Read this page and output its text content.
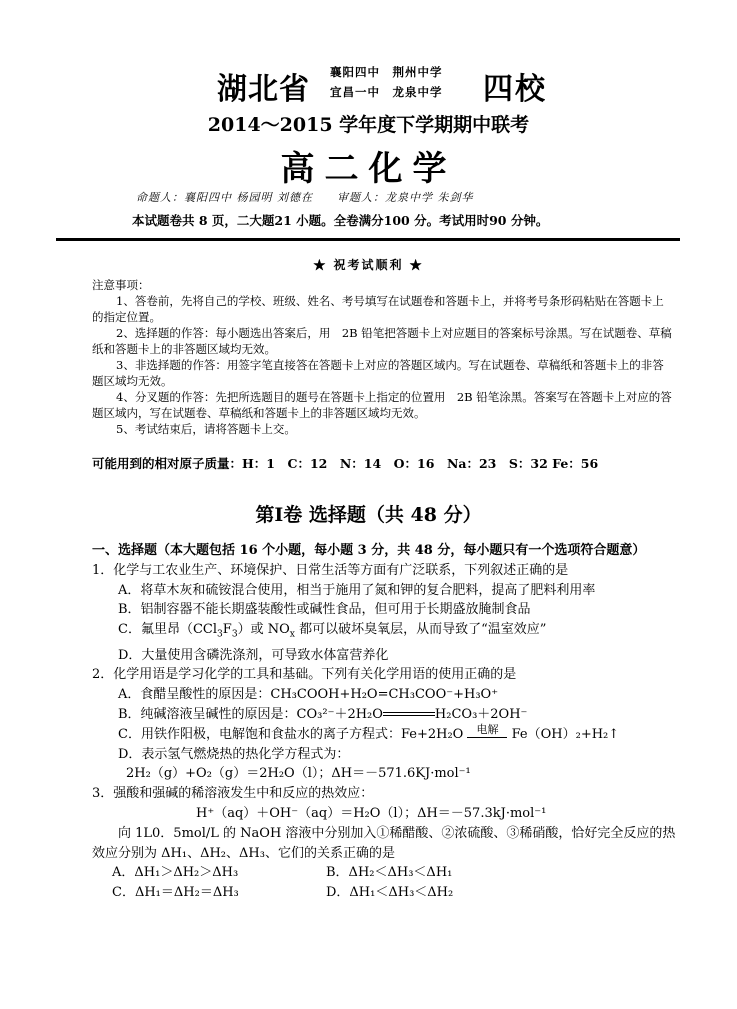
湖北省 襄阳四中　荆州中学
宜昌一中　龙泉中学 四校
2014～2015 学年度下学期期中联考
高二化学
命题人：襄阳四中 杨园明 刘德在　　审题人：龙泉中学 朱剑华
本试题卷共 8 页，二大题21 小题。全卷满分100 分。考试用时90 分钟。
★ 祝考试顺利 ★

注意事项：

1、答卷前，先将自己的学校、班级、姓名、考号填写在试题卷和答题卡上，并将考号条形码粘贴在答题卡上的指定位置。

2、选择题的作答：每小题选出答案后，用　2B 铅笔把答题卡上对应题目的答案标号涂黑。写在试题卷、草稿纸和答题卡上的非答题区域均无效。

3、非选择题的作答：用签字笔直接答在答题卡上对应的答题区域内。写在试题卷、草稿纸和答题卡上的非答题区域均无效。

4、分叉题的作答：先把所选题目的题号在答题卡上指定的位置用　2B 铅笔涂黑。答案写在答题卡上对应的答题区域内，写在试题卷、草稿纸和答题卡上的非答题区域均无效。

5、考试结束后，请将答题卡上交。

可能用到的相对原子质量：H：1　C：12　N：14　O：16　Na：23　S：32 Fe：56
第Ⅰ卷 选择题（共 48 分）

一、选择题（本大题包括 16 个小题，每小题 3 分，共 48 分，每小题只有一个选项符合题意）

1．化学与工农业生产、环境保护、日常生活等方面有广泛联系，下列叙述正确的是

A．将草木灰和硫铵混合使用，相当于施用了氮和钾的复合肥料，提高了肥料利用率

B．铝制容器不能长期盛装酸性或碱性食品，但可用于长期盛放腌制食品

C．氟里昂$(CCl_3F_3)$或 $NO_x$ 都可以破坏臭氧层，从而导致了“温室效应”

D．大量使用含磷洗涤剂，可导致水体富营养化

2．化学用语是学习化学的工具和基础。下列有关化学用语的使用正确的是

A．食醋呈酸性的原因是：CH₃COOH+H₂O=CH₃COO⁻+H₃O⁺

B．纯碱溶液呈碱性的原因是：CO₃²⁻＋2H₂O	H₂CO₃＋2OH⁻

C．用铁作阳极，电解饱和食盐水的离子方程式：Fe+2H₂O	电解	Fe（OH）₂+H₂↑

D．表示氢气燃烧热的热化学方程式为：

2H₂（g）+O₂（g）＝2H₂O（l）；ΔH＝－571.6KJ·mol⁻¹

3．强酸和强碱的稀溶液发生中和反应的热效应：

H⁺（aq）＋OH⁻（aq）＝H₂O（l）；ΔH＝－57.3kJ·mol⁻¹

向 1L0．5mol/L 的 NaOH 溶液中分别加入①稀醋酸、②浓硫酸、③稀硝酸，恰好完全反应的热效应分别为 ΔH₁、ΔH₂、ΔH₃、它们的关系正确的是

A．ΔH₁＞ΔH₂＞ΔH₃	B．ΔH₂＜ΔH₃＜ΔH₁

C．ΔH₁＝ΔH₂＝ΔH₃	D．ΔH₁＜ΔH₃＜ΔH₂
